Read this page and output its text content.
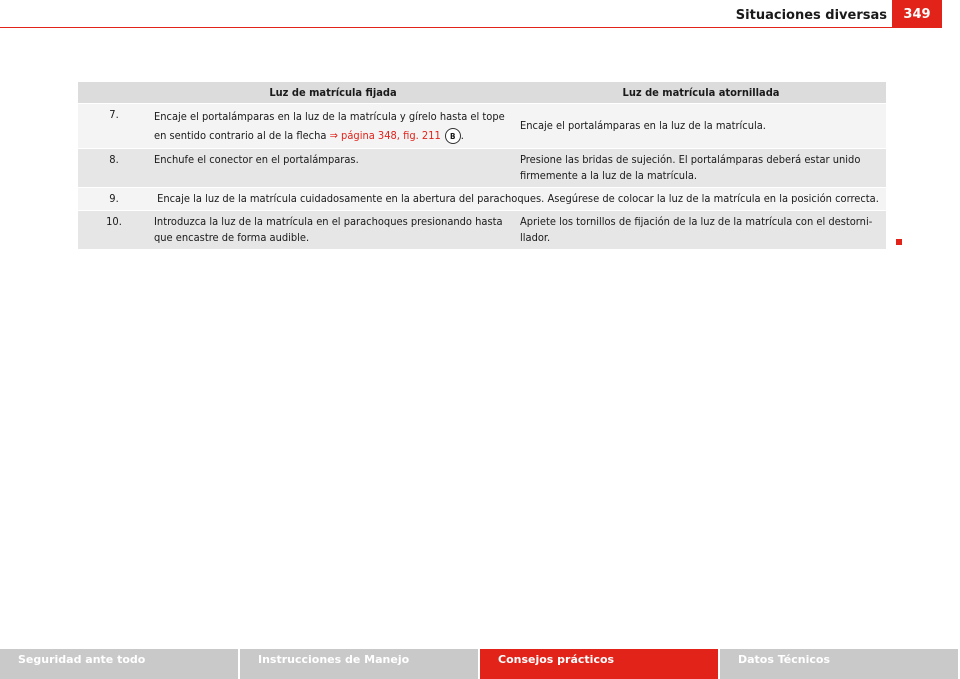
Situaciones diversas	349
	Luz de matrícula fijada	Luz de matrícula atornillada
7.	Encaje el portalámparas en la luz de la matrícula y gírelo hasta el tope en sentido contrario al de la flecha ⇒ página 348, fig. 211 B .	Encaje el portalámparas en la luz de la matrícula.
8.	Enchufe el conector en el portalámparas.	Presione las bridas de sujeción. El portalámparas deberá estar unido firmemente a la luz de la matrícula.
9.	Encaje la luz de la matrícula cuidadosamente en la abertura del parachoques. Asegúrese de colocar la luz de la matrícula en la posición correcta.	
10.	Introduzca la luz de la matrícula en el parachoques presionando hasta que encastre de forma audible.	Apriete los tornillos de fijación de la luz de la matrícula con el destorni-llador.
Seguridad ante todo	Instrucciones de Manejo	Consejos prácticos	Datos Técnicos
